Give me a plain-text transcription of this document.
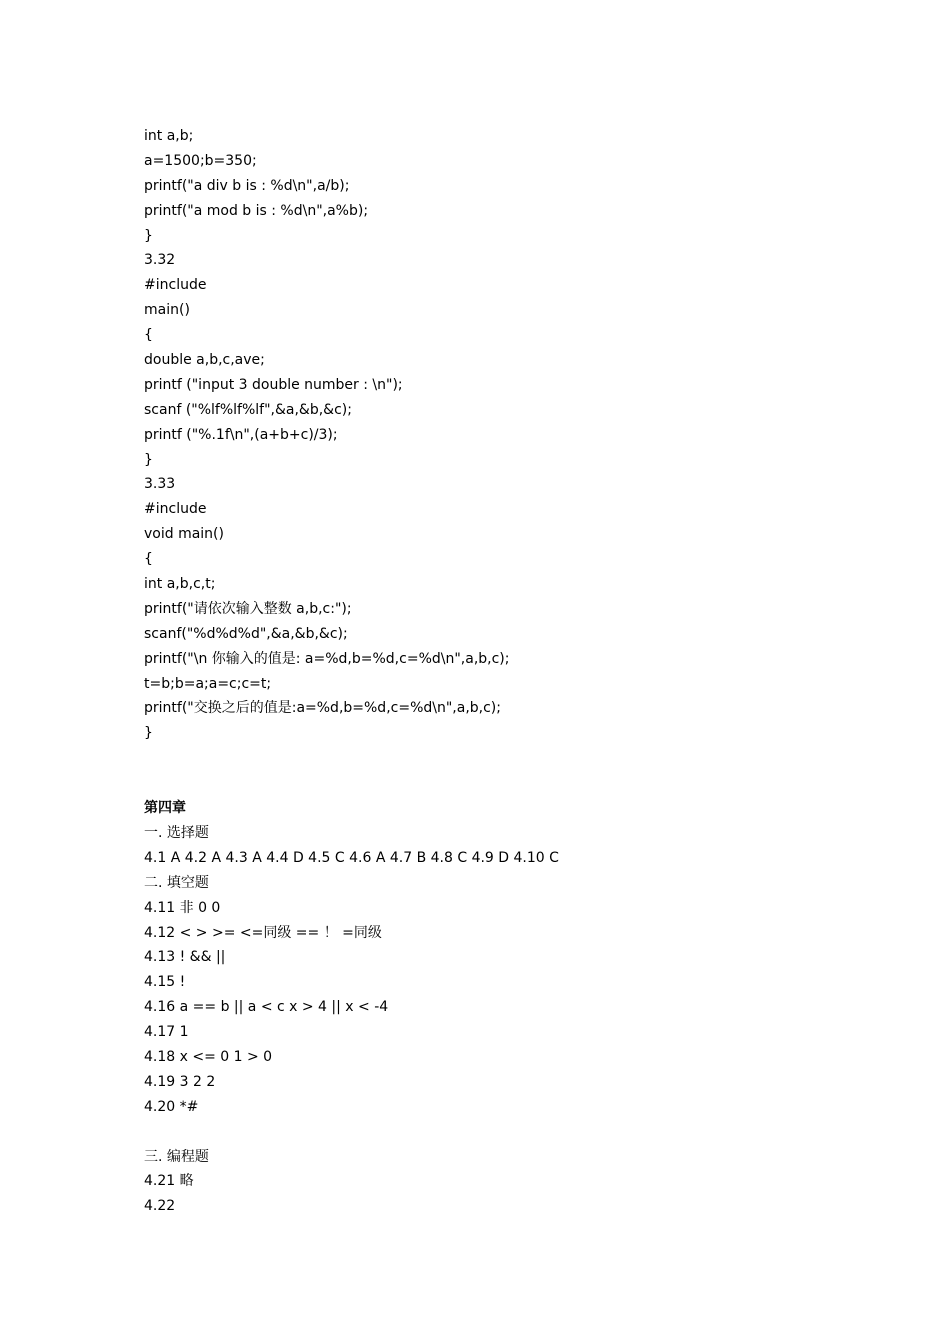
int a,b;
a=1500;b=350;
printf("a div b is : %d\n",a/b);
printf("a mod b is : %d\n",a%b);
}
3.32
#include
main()
{
double a,b,c,ave;
printf ("input 3 double number : \n");
scanf ("%lf%lf%lf",&a,&b,&c);
printf ("%.1f\n",(a+b+c)/3);
}
3.33
#include
void main()
{
int a,b,c,t;
printf("请依次输入整数 a,b,c:");
scanf("%d%d%d",&a,&b,&c);
printf("\n 你输入的值是: a=%d,b=%d,c=%d\n",a,b,c);
t=b;b=a;a=c;c=t;
printf("交换之后的值是:a=%d,b=%d,c=%d\n",a,b,c);
}
第四章
一. 选择题
4.1 A 4.2 A 4.3 A 4.4 D 4.5 C 4.6 A 4.7 B 4.8 C 4.9 D 4.10 C
二. 填空题
4.11 非 0 0
4.12 < > >= <=同级 == ！ =同级
4.13 ! && ||
4.15 !
4.16 a == b || a < c x > 4 || x < -4
4.17 1
4.18 x <= 0 1 > 0
4.19 3 2 2
4.20 *#
三. 编程题
4.21 略
4.22
